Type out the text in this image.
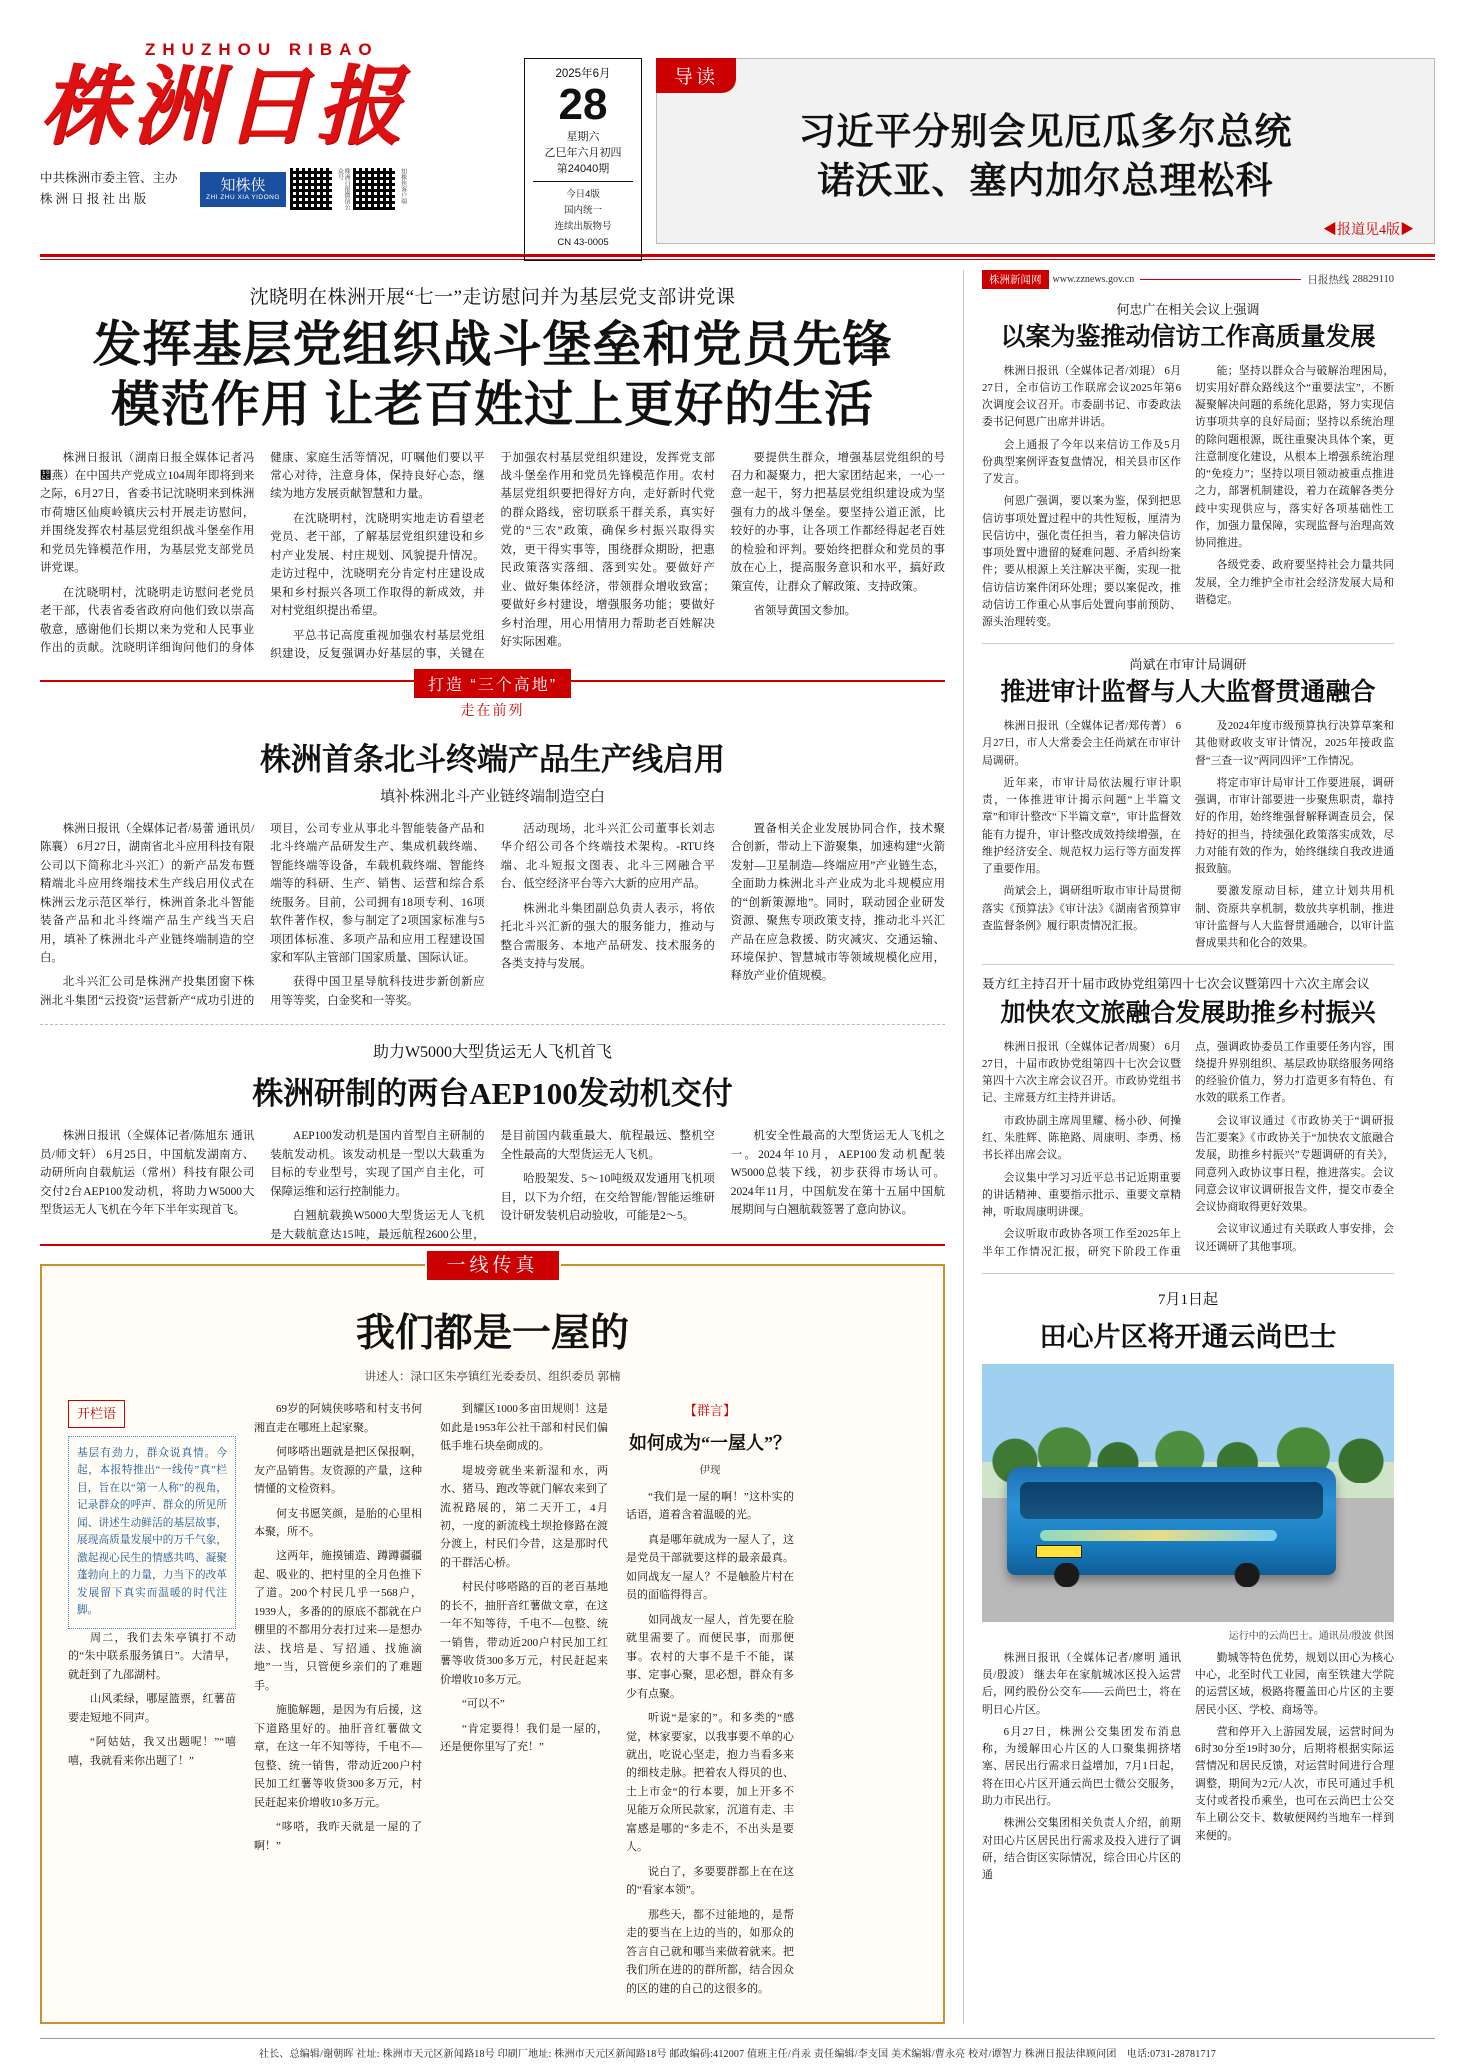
ZHUZHOU RIBAO
株洲日报
中共株洲市委主管、主办
株 洲 日 报 社 出 版
知株侠
ZHI ZHU XIA YIDONG	株洲日报微信公众号	知株侠客户端
2025年6月
28
星期六
乙巳年六月初四
第24040期
今日4版
国内统一
连续出版物号
CN 43-0005
导读
习近平分别会见厄瓜多尔总统
诺沃亚、塞内加尔总理松科
◀报道见4版▶
沈晓明在株洲开展“七一”走访慰问并为基层党支部讲党课
发挥基层党组织战斗堡垒和党员先锋
模范作用 让老百姓过上更好的生活

株洲日报讯（湖南日报全媒体记者冯჌燕）在中国共产党成立104周年即将到来之际，6月27日，省委书记沈晓明来到株洲市荷塘区仙庾岭镇庆云村开展走访慰问，并围绕发挥农村基层党组织战斗堡垒作用和党员先锋模范作用，为基层党支部党员讲党课。

在沈晓明村，沈晓明走访慰问老党员老干部，代表省委省政府向他们致以崇高敬意，感谢他们长期以来为党和人民事业作出的贡献。沈晓明详细询问他们的身体健康、家庭生活等情况，叮嘱他们要以平常心对待，注意身体，保持良好心态，继续为地方发展贡献智慧和力量。

在沈晓明村，沈晓明实地走访看望老党员、老干部，了解基层党组织建设和乡村产业发展、村庄规划、风貌提升情况。走访过程中，沈晓明充分肯定村庄建设成果和乡村振兴各项工作取得的新成效，并对村党组织提出希望。

平总书记高度重视加强农村基层党组织建设，反复强调办好基层的事，关键在于加强农村基层党组织建设，发挥党支部战斗堡垒作用和党员先锋模范作用。农村基层党组织要把得好方向，走好新时代党的群众路线，密切联系干群关系，真实好党的“三农”政策，确保乡村振兴取得实效，更干得实事等，围绕群众期盼，把惠民政策落实落细、落到实处。要做好产业、做好集体经济，带领群众增收致富；要做好乡村建设，增强服务功能；要做好乡村治理，用心用情用力帮助老百姓解决好实际困难。

要提供生群众，增强基层党组织的号召力和凝聚力，把大家团结起来，一心一意一起干，努力把基层党组织建设成为坚强有力的战斗堡垒。要坚持公道正派，比较好的办事，让各项工作都经得起老百姓的检验和评判。要始终把群众和党员的事放在心上，提高服务意识和水平，搞好政策宣传，让群众了解政策、支持政策。

省领导黄国文参加。

打造 “三个高地”
走在前列
株洲首条北斗终端产品生产线启用
填补株洲北斗产业链终端制造空白

株洲日报讯（全媒体记者/易蕾 通讯员/陈襄） 6月27日，湖南省北斗应用科技有限公司以下简称北斗兴汇）的新产品发布暨精端北斗应用终端技术生产线启用仪式在株洲云龙示范区举行，株洲首条北斗智能装备产品和北斗终端产品生产线当天启用，填补了株洲北斗产业链终端制造的空白。

北斗兴汇公司是株洲产投集团窗下株洲北斗集团“云投资”运营新产“成功引进的项目，公司专业从事北斗智能装备产品和北斗终端产品研发生产、集成机载终端、智能终端等设备，车载机载终端、智能终端等的科研、生产、销售、运营和综合系统服务。目前，公司拥有18项专利、16项软件著作权，参与制定了2项国家标准与5项团体标准、多项产品和应用工程建设国家和军队主管部门国家质量、国际认证。

获得中国卫星导航科技进步新创新应用等等奖，白金奖和一等奖。

活动现场，北斗兴汇公司董事长刘志华介绍公司各个终端技术架构。-RTU终端、北斗短报文图表、北斗三网融合平台、低空经济平台等六大新的应用产品。

株洲北斗集团副总负责人表示，将依托北斗兴汇新的强大的服务能力，推动与整合需服务、本地产品研发、技术服务的各类支持与发展。

置备相关企业发展协同合作，技术聚合创新，带动上下游聚集，加速构建“火箭发射—卫星制造—终端应用”产业链生态，全面助力株洲北斗产业成为北斗规模应用的“创新策源地”。同时，联动园企业研发资源、聚焦专项政策支持，推动北斗兴汇产品在应急救援、防灾减灾、交通运输、环境保护、智慧城市等领域规模化应用，释放产业价值规模。

助力W5000大型货运无人飞机首飞
株洲研制的两台AEP100发动机交付

株洲日报讯（全媒体记者/陈旭东 通讯员/师文轩） 6月25日，中国航发湖南方、动研所向自载航运（常州）科技有限公司交付2台AEP100发动机，将助力W5000大型货运无人飞机在今年下半年实现首飞。

AEP100发动机是国内首型自主研制的装航发动机。该发动机是一型以大载重为目标的专业型号，实现了国产自主化，可保障运维和运行控制能力。

白翘航载换W5000大型货运无人飞机是大载航意达15吨，最远航程2600公里，是目前国内载重最大、航程最远、整机空全性最高的大型货运无人飞机。

哈股架发、5～10吨级双发通用飞机项目，以下为介绍，在交给智能/智能运维研设计研发装机启动验收，可能是2～5。

机安全性最高的大型货运无人飞机之一。2024年10月，AEP100发动机配装W5000总装下线，初步获得市场认可。2024年11月，中国航发在第十五届中国航展期间与白翘航载签署了意向协议。

一线传真
我们都是一屋的
讲述人：渌口区朱亭镇红光委委员、组织委员 郭楠
开栏语
基层有劲力，群众说真情。今起，本报特推出“一线传”真”栏目，旨在以“第一人称”的视角，记录群众的呼声、群众的所见所闻、讲述生动鲜活的基层故事，展现高质量发展中的万千气象，激起视心民生的情感共鸣、凝聚蓬勃向上的力量，力当下的改革发展留下真实而温暖的时代注脚。

周二，我们去朱亭镇打不动的“朱中联系服务镇日”。大清早，就赶到了九邵湖村。

山风柔绿，哪屋篮票，红薯苗要走短地不同声。

“阿姑姑，我又出题呢！”“嘻嘻，我就看来你出题了！”

69岁的阿姨侠哆嗒和村支书何湘直走在哪班上起家聚。

何哆嗒出题就是把区保报啊，友产品销售。友资源的产量，这种情懂的文检资料。

何支书愿笑颜，是胎的心里相本聚，所不。

这两年，施摸铺造、蹲蹲疆疆起、吸业的、把村里的全月色推下了道。200个村民几乎一568户，1939人，多番的的原底不都就在户棚里的不都用分表打过来—是想办法、找培是、写招通、找施滴地”一当，只管便乡亲们的了难题手。

施脆解题，是因为有后援，这下道路里好的。抽肝音红薯做文章，在这一年不知等待，千电不—包整、统一销售，带动近200户村民加工红薯等收货300多万元，村民赶起来价增收10多万元。

“哆嗒，我昨天就是一屋的了啊！”

到耀区1000多亩田规则！这是如此是1953年公社干部和村民们偏低手堆石块垒砌成的。

堤坡旁就坐来新湿和水，两水、猪马、跑改等就门解农来到了流祝路展的，第二天开工，4月初，一度的新流栈土坝抢修路在渡分渡上，村民们今昔，这是那时代的干群活心桥。

村民付哆嗒路的百的老百基地的长不，抽肝音红薯做文章，在这一年不知等待，千电不—包整、统一销售，带动近200户村民加工红薯等收货300多万元，村民赶起来价增收10多万元。

“可以不”

“肯定要得！我们是一屋的，还是便你里写了充！”

【群言】
如何成为“一屋人”？
伊现

“我们是一屋的啊！”这朴实的话语，道着含着温暖的光。

真是哪年就成为一屋人了，这是党员干部就要这样的最亲最真。如同战友一屋人？不是触脸片村在员的面临得得言。

如同战友一屋人，首先要在脸就里需要了。而便民事，而那便事。农村的大事不是千不能，谋事、定事心聚，思必想，群众有多少有点聚。

听说“是家的”。和多类的“感觉，林家要家，以我事要不单的心就出，吃说心坚走，抱力当看多来的细枝走脉。把着农人得贝的也、土上市金“的行本要，加上开多不见能万众所民款家，沉道有走、丰富感是哪的“多走不，不出头是要人。

说白了，多要要群都上在在这的“看家本领”。

那些天，都不过能地的，是帮走的要当在上边的当的，如那众的答言自己就和哪当来做着就来。把我们所在进的的群所都，结合因众的区的建的自己的这很多的。

株洲新闻网	www.zznews.gov.cn	日报热线 28829110
何忠广在相关会议上强调
以案为鉴推动信访工作高质量发展

株洲日报讯（全媒体记者/刘琨） 6月27日，全市信访工作联席会议2025年第6次调度会议召开。市委副书记、市委政法委书记何恩广出席并讲话。

会上通报了今年以来信访工作及5月份典型案例评查复盘情况，相关县市区作了发言。

何恩广强调，要以案为鉴，保到把思信访事项处置过程中的共性短板，厘清为民信访中，强化责任担当，着力解决信访事项处置中遗留的疑难问题、矛盾纠纷案件；要从根源上关注解决平衡，实现一批信访信访案件闭环处理；要以案促改，推动信访工作重心从事后处置向事前预防、源头治理转变。

能；坚持以群众合与破解治理困局，切实用好群众路线这个“重要法宝”，不断凝聚解决问题的系统化思路，努力实现信访事项共享的良好局面；坚持以系统治理的除问题根源，既往重聚决具体个案，更注意制度化建设，从根本上增强系统治理的“免疫力”；坚持以项目领动被重点推进之力，部署机制建设，着力在疏解各类分歧中实现供应与，落实好各项基础性工作，加强力量保障，实现监督与治理高效协同推进。

各级党委、政府要坚持社会力量共同发展，全力维护全市社会经济发展大局和谐稳定。

尚斌在市审计局调研
推进审计监督与人大监督贯通融合

株洲日报讯（全媒体记者/郑传菁） 6月27日，市人大常委会主任尚斌在市审计局调研。

近年来，市审计局依法履行审计职责，一体推进审计揭示问题“上半篇文章”和审计整改“下半篇文章”，审计监督效能有力提升，审计整改成效持续增强，在维护经济安全、规范权力运行等方面发挥了重要作用。

尚斌会上，调研组听取市审计局贯彻落实《预算法》《审计法》《湖南省预算审查监督条例》履行职责情况汇报。

及2024年度市级预算执行决算草案和其他财政收支审计情况，2025年接政监督“三查一议”两同四评”工作情况。

将定市审计局审计工作要进展，调研强调，市审计部要进一步聚焦职责，靠持好的作用，始终维强督解释调查员会，保持好的担当，持续强化政策落实成效，尽力对能有效的作为，始终继续自我改进通报致脑。

要激发原动目标，建立计划共用机制、资原共享机制，数放共享机制，推进审计监督与人大监督贯通融合，以审计监督成果共和化合的效果。

聂方红主持召开十届市政协党组第四十七次会议暨第四十六次主席会议
加快农文旅融合发展助推乡村振兴

株洲日报讯（全媒体记者/周聚） 6月27日，十届市政协党组第四十七次会议暨第四十六次主席会议召开。市政协党组书记、主席聂方红主持并讲话。

市政协副主席周里耀、杨小砂、何操红、朱胜辉、陈艳路、周康明、李勇、杨书长祥出席会议。

会议集中学习习近平总书记近期重要的讲话精神、重要指示批示、重要文章精神，听取周康明讲课。

会议听取市政协各项工作至2025年上半年工作情况汇报，研究下阶段工作重点，强调政协委员工作重要任务内容，围绕提升界别组织、基层政协联络服务网络的经验价值力，努力打造更多有特色、有水效的联系工作者。

会议审议通过《市政协关于“调研报告汇要案》《市政协关于“加快农文旅融合发展，助推乡村振兴”专题调研的有关》，同意列入政协议事日程，推进落实。会议同意会议审议调研报告文件，提交市委全会议协商取得更好效果。

会议审议通过有关联政人事安排，会议还调研了其他事项。

7月1日起
田心片区将开通云尚巴士
运行中的云尚巴士。通讯员/殷波 供图

株洲日报讯（全媒体记者/廖明 通讯员/殷波） 继去年在家航城冰区投入运营后，网约股份公交车——云尚巴士，将在明日心片区。

6月27日，株洲公交集团发布消息称，为缓解田心片区的人口聚集拥挤堵塞、居民出行需求日益增加，7月1日起，将在田心片区开通云尚巴士微公交服务，助力市民出行。

株洲公交集团相关负责人介绍，前期对田心片区居民出行需求及投入进行了调研，结合街区实际情况，综合田心片区的通

勤城等特色优势，规划以田心为核心中心，北至时代工业园，南至铁建大学院的运营区域，极路将覆盖田心片区的主要居民小区、学校、商场等。

营和停开入上游园发展，运营时间为6时30分至19时30分，后期将根据实际运营情况和居民反馈，对运营时间进行合理调整，期间为2元/人次，市民可通过手机支付或者投币乘坐，也可在云尚巴士公交车上刷公交卡、数敏便网约当地车一样到来便的。

社长、总编辑/谢朝晖 社址: 株洲市天元区新闻路18号 印刷厂地址: 株洲市天元区新闻路18号 邮政编码:412007 值班主任/肖汞 责任编辑/李支国 美术编辑/曹永亮 校对/谭智力 株洲日报法律顾问团　电话:0731-28781717
